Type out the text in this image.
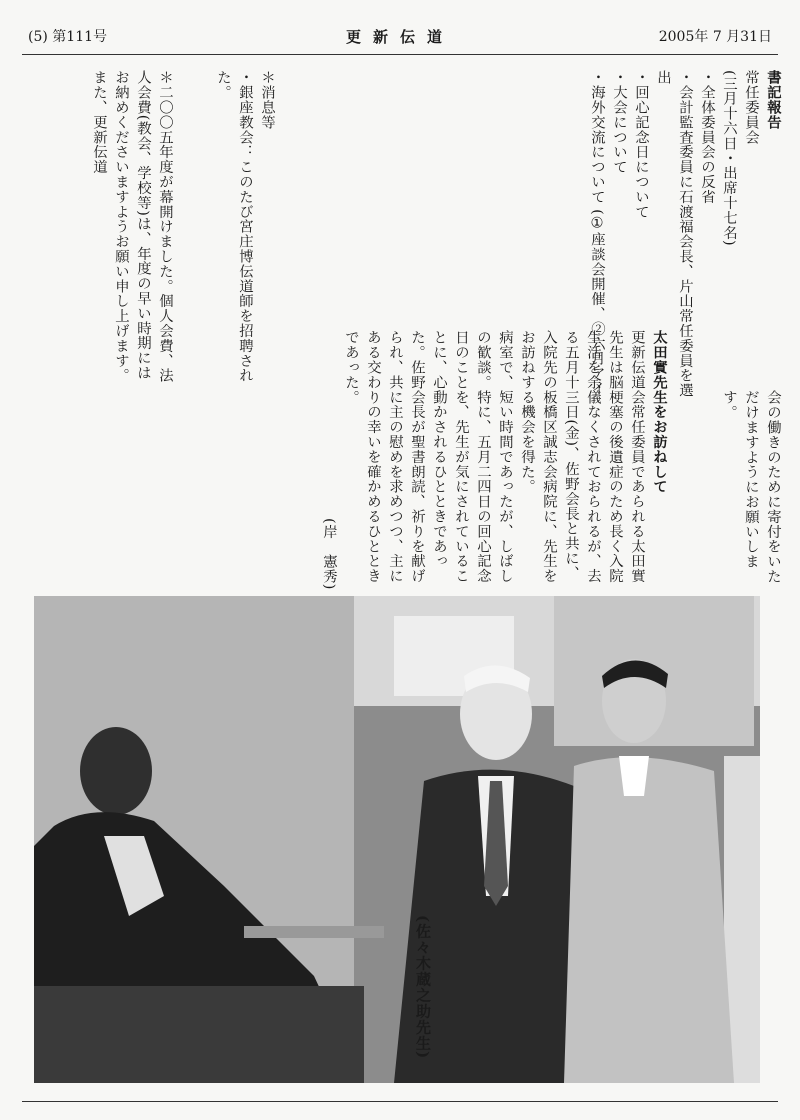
(5) 第111号	更新伝道	2005年 7 月31日

書記報告

常任委員会

(三月十六日・出席十七名)

・全体委員会の反省

・会計監査委員に石渡福会長、片山常任委員を選出

・回心記念日について

・大会について

・海外交流について (①座談会開催、②六月アイ

＊消息等

・銀座教会：このたび宮庄博伝道師を招聘された。

＊二〇〇五年度が幕開けました。個人会費、法人会費(教会、学校等)は、年度の早い時期にはお納めくださいますようお願い申し上げます。また、更新伝道

会の働きのために寄付をいただけますようにお願いします。

太田實先生をお訪ねして

更新伝道会常任委員であられる太田實先生は脳梗塞の後遺症のため長く入院生活を余儀なくされておられるが、去る五月十三日(金)、佐野会長と共に、入院先の板橋区誠志会病院に、先生をお訪ねする機会を得た。

病室で、短い時間であったが、しばしの歓談。特に、五月二四日の回心記念日のことを、先生が気にされていることに、心動かされるひとときであった。佐野会長が聖書朗読、祈りを献げられ、共に主の慰めを求めつつ、主にある交わりの幸いを確かめるひとときであった。

(岸　憲秀)

(佐々木蔵之助先生)
